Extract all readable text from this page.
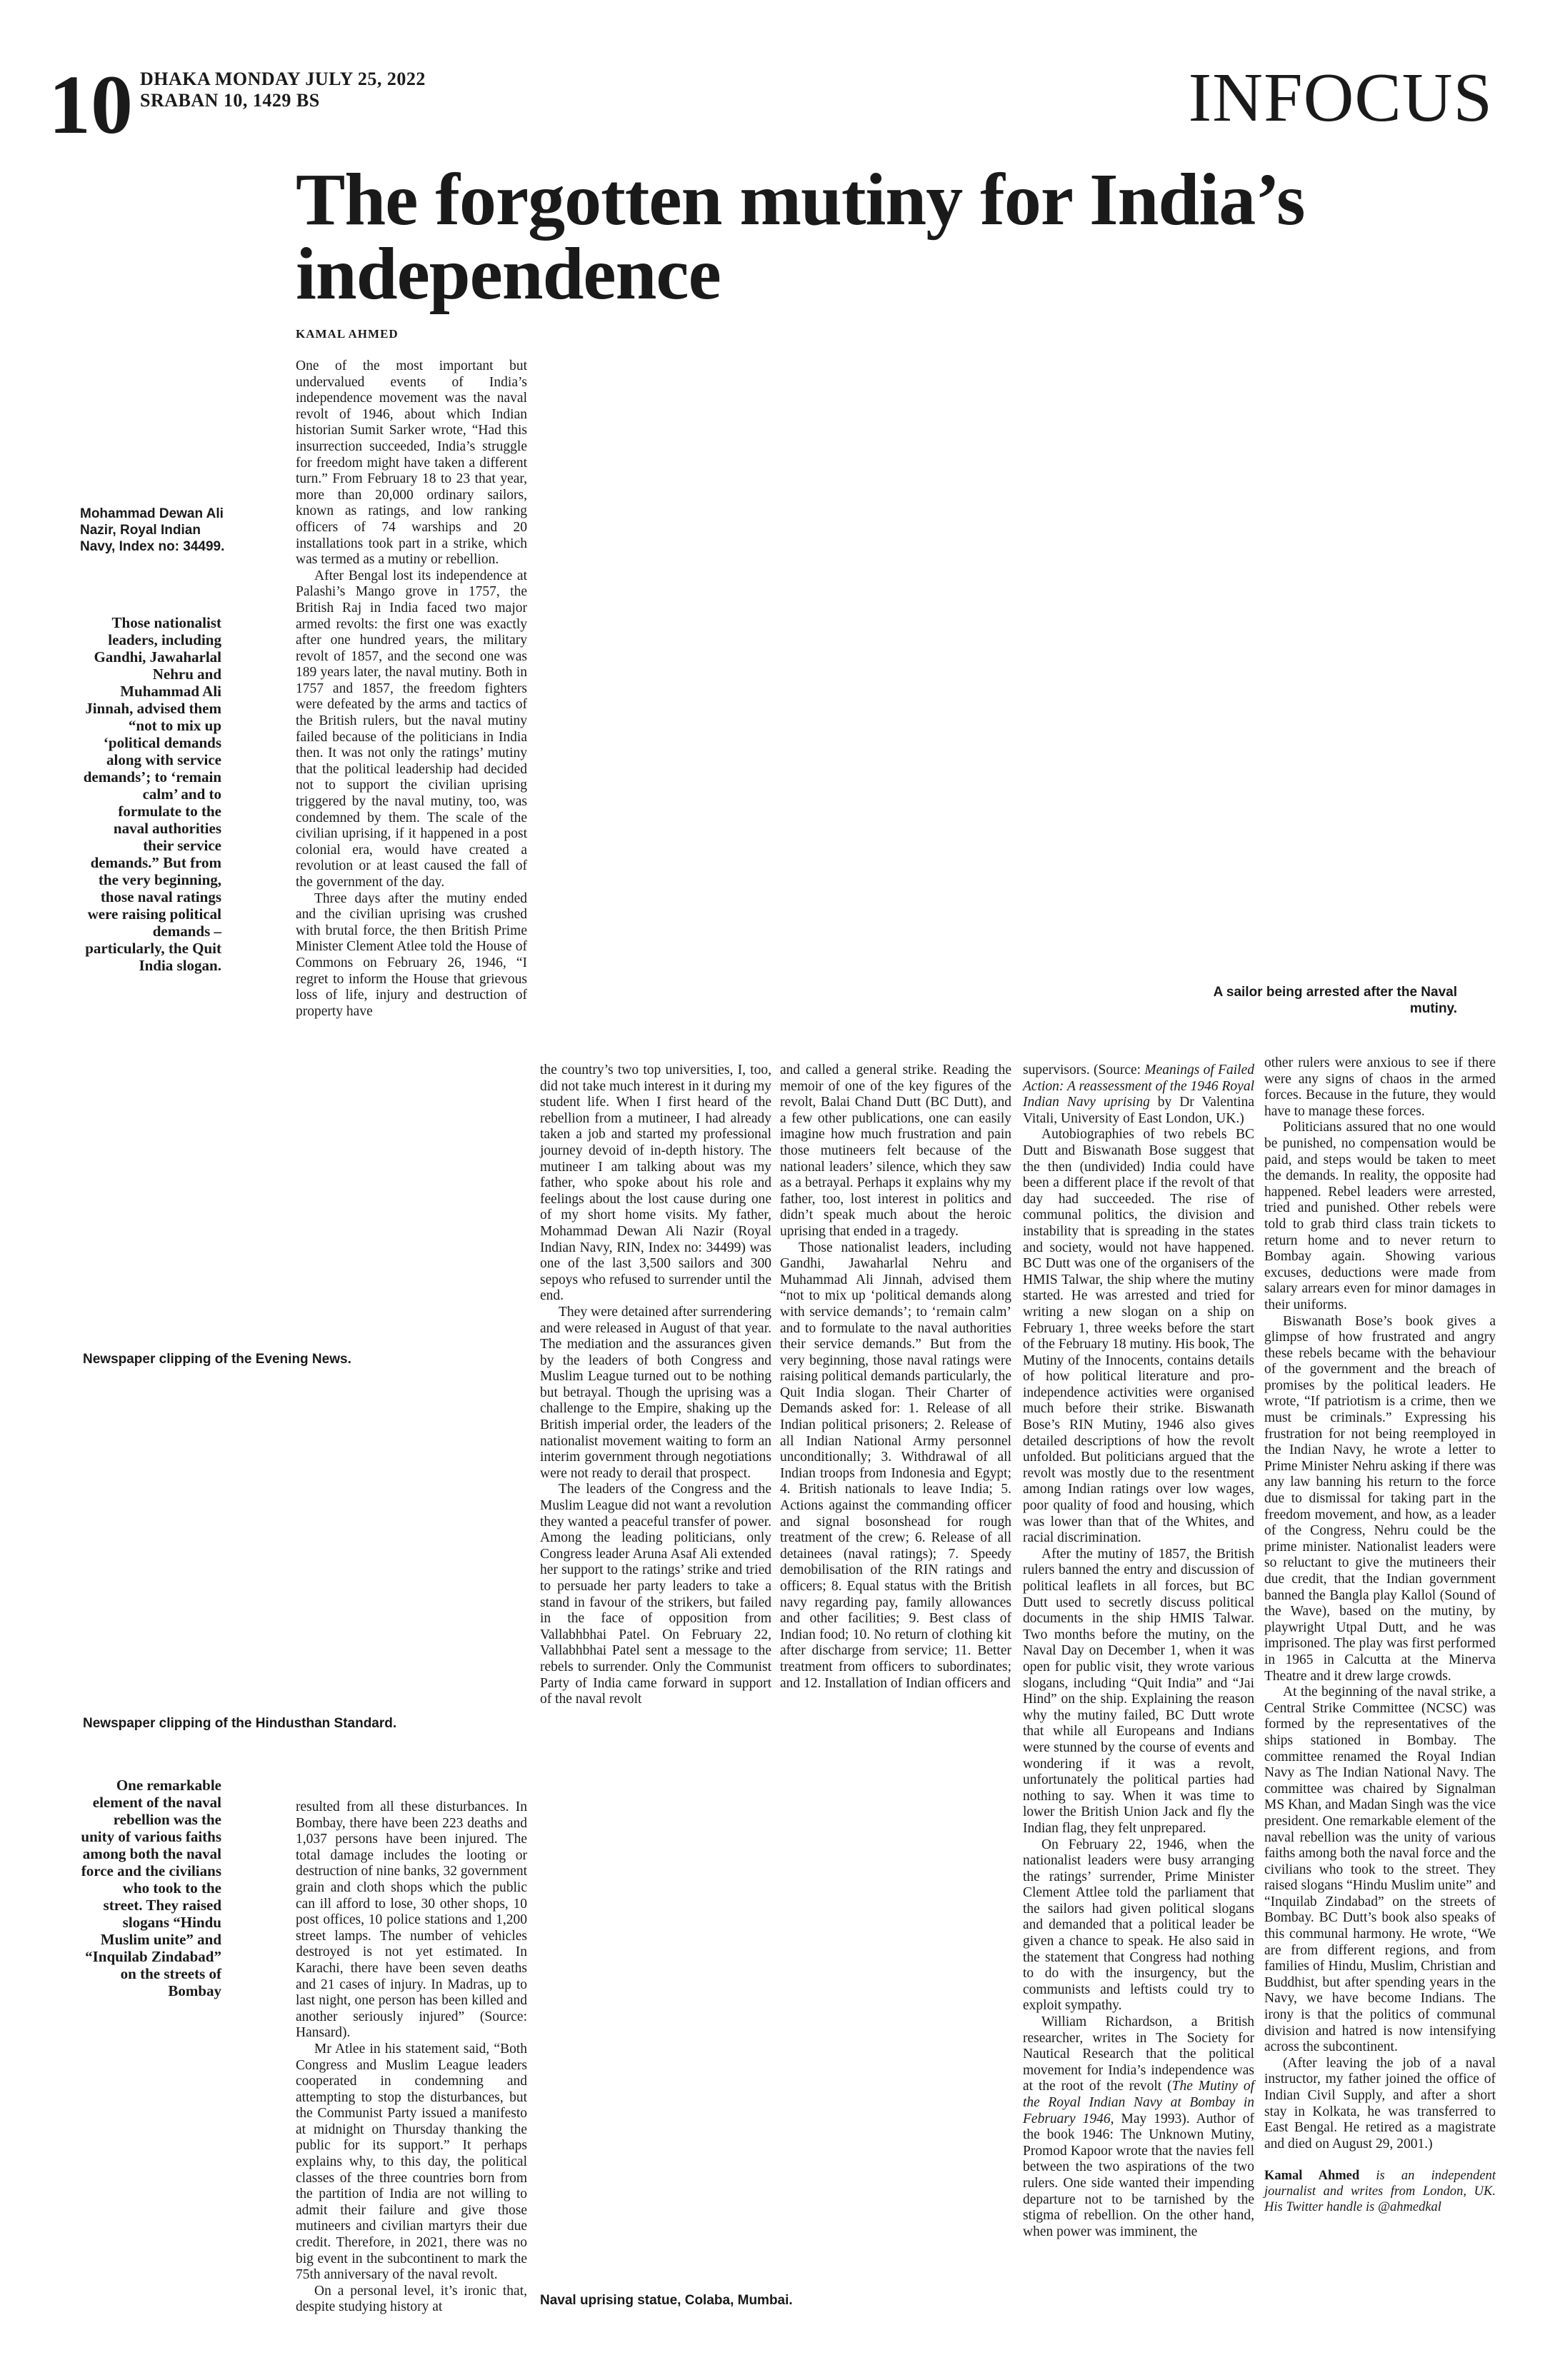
10 DHAKA MONDAY JULY 25, 2022
SRABAN 10, 1429 BS	INFOCUS
The forgotten mutiny for India’s independence
KAMAL AHMED
Mohammad Dewan Ali Nazir, Royal Indian Navy, Index no: 34499.
Those nationalist leaders, including Gandhi, Jawaharlal Nehru and Muhammad Ali Jinnah, advised them “not to mix up ‘political demands along with service demands’; to ‘remain calm’ and to formulate to the naval authorities their service demands.” But from the very beginning, those naval ratings were raising political demands – particularly, the Quit India slogan.
Newspaper clipping of the Evening News.
Newspaper clipping of the Hindusthan Standard.
One remarkable element of the naval rebellion was the unity of various faiths among both the naval force and the civilians who took to the street. They raised slogans “Hindu Muslim unite” and “Inquilab Zindabad” on the streets of Bombay
A sailor being arrested after the Naval mutiny.
Naval uprising statue, Colaba, Mumbai.

One of the most important but undervalued events of India’s independence movement was the naval revolt of 1946, about which Indian historian Sumit Sarker wrote, “Had this insurrection succeeded, India’s struggle for freedom might have taken a different turn.” From February 18 to 23 that year, more than 20,000 ordinary sailors, known as ratings, and low ranking officers of 74 warships and 20 installations took part in a strike, which was termed as a mutiny or rebellion.

After Bengal lost its independence at Palashi’s Mango grove in 1757, the British Raj in India faced two major armed revolts: the first one was exactly after one hundred years, the military revolt of 1857, and the second one was 189 years later, the naval mutiny. Both in 1757 and 1857, the freedom fighters were defeated by the arms and tactics of the British rulers, but the naval mutiny failed because of the politicians in India then. It was not only the ratings’ mutiny that the political leadership had decided not to support the civilian uprising triggered by the naval mutiny, too, was condemned by them. The scale of the civilian uprising, if it happened in a post colonial era, would have created a revolution or at least caused the fall of the government of the day.

Three days after the mutiny ended and the civilian uprising was crushed with brutal force, the then British Prime Minister Clement Atlee told the House of Commons on February 26, 1946, “I regret to inform the House that grievous loss of life, injury and destruction of property have

resulted from all these disturbances. In Bombay, there have been 223 deaths and 1,037 persons have been injured. The total damage includes the looting or destruction of nine banks, 32 government grain and cloth shops which the public can ill afford to lose, 30 other shops, 10 post offices, 10 police stations and 1,200 street lamps. The number of vehicles destroyed is not yet estimated. In Karachi, there have been seven deaths and 21 cases of injury. In Madras, up to last night, one person has been killed and another seriously injured” (Source: Hansard).

Mr Atlee in his statement said, “Both Congress and Muslim League leaders cooperated in condemning and attempting to stop the disturbances, but the Communist Party issued a manifesto at midnight on Thursday thanking the public for its support.” It perhaps explains why, to this day, the political classes of the three countries born from the partition of India are not willing to admit their failure and give those mutineers and civilian martyrs their due credit. Therefore, in 2021, there was no big event in the subcontinent to mark the 75th anniversary of the naval revolt.

On a personal level, it’s ironic that, despite studying history at

the country’s two top universities, I, too, did not take much interest in it during my student life. When I first heard of the rebellion from a mutineer, I had already taken a job and started my professional journey devoid of in-depth history. The mutineer I am talking about was my father, who spoke about his role and feelings about the lost cause during one of my short home visits. My father, Mohammad Dewan Ali Nazir (Royal Indian Navy, RIN, Index no: 34499) was one of the last 3,500 sailors and 300 sepoys who refused to surrender until the end.

They were detained after surrendering and were released in August of that year. The mediation and the assurances given by the leaders of both Congress and Muslim League turned out to be nothing but betrayal. Though the uprising was a challenge to the Empire, shaking up the British imperial order, the leaders of the nationalist movement waiting to form an interim government through negotiations were not ready to derail that prospect.

The leaders of the Congress and the Muslim League did not want a revolution they wanted a peaceful transfer of power. Among the leading politicians, only Congress leader Aruna Asaf Ali extended her support to the ratings’ strike and tried to persuade her party leaders to take a stand in favour of the strikers, but failed in the face of opposition from Vallabhbhai Patel. On February 22, Vallabhbhai Patel sent a message to the rebels to surrender. Only the Communist Party of India came forward in support of the naval revolt

and called a general strike. Reading the memoir of one of the key figures of the revolt, Balai Chand Dutt (BC Dutt), and a few other publications, one can easily imagine how much frustration and pain those mutineers felt because of the national leaders’ silence, which they saw as a betrayal. Perhaps it explains why my father, too, lost interest in politics and didn’t speak much about the heroic uprising that ended in a tragedy.

Those nationalist leaders, including Gandhi, Jawaharlal Nehru and Muhammad Ali Jinnah, advised them “not to mix up ‘political demands along with service demands’; to ‘remain calm’ and to formulate to the naval authorities their service demands.” But from the very beginning, those naval ratings were raising political demands particularly, the Quit India slogan. Their Charter of Demands asked for: 1. Release of all Indian political prisoners; 2. Release of all Indian National Army personnel unconditionally; 3. Withdrawal of all Indian troops from Indonesia and Egypt; 4. British nationals to leave India; 5. Actions against the commanding officer and signal bosonshead for rough treatment of the crew; 6. Release of all detainees (naval ratings); 7. Speedy demobilisation of the RIN ratings and officers; 8. Equal status with the British navy regarding pay, family allowances and other facilities; 9. Best class of Indian food; 10. No return of clothing kit after discharge from service; 11. Better treatment from officers to subordinates; and 12. Installation of Indian officers and

supervisors. (Source: Meanings of Failed Action: A reassessment of the 1946 Royal Indian Navy uprising by Dr Valentina Vitali, University of East London, UK.)

Autobiographies of two rebels BC Dutt and Biswanath Bose suggest that the then (undivided) India could have been a different place if the revolt of that day had succeeded. The rise of communal politics, the division and instability that is spreading in the states and society, would not have happened. BC Dutt was one of the organisers of the HMIS Talwar, the ship where the mutiny started. He was arrested and tried for writing a new slogan on a ship on February 1, three weeks before the start of the February 18 mutiny. His book, The Mutiny of the Innocents, contains details of how political literature and pro-independence activities were organised much before their strike. Biswanath Bose’s RIN Mutiny, 1946 also gives detailed descriptions of how the revolt unfolded. But politicians argued that the revolt was mostly due to the resentment among Indian ratings over low wages, poor quality of food and housing, which was lower than that of the Whites, and racial discrimination.

After the mutiny of 1857, the British rulers banned the entry and discussion of political leaflets in all forces, but BC Dutt used to secretly discuss political documents in the ship HMIS Talwar. Two months before the mutiny, on the Naval Day on December 1, when it was open for public visit, they wrote various slogans, including “Quit India” and “Jai Hind” on the ship. Explaining the reason why the mutiny failed, BC Dutt wrote that while all Europeans and Indians were stunned by the course of events and wondering if it was a revolt, unfortunately the political parties had nothing to say. When it was time to lower the British Union Jack and fly the Indian flag, they felt unprepared.

On February 22, 1946, when the nationalist leaders were busy arranging the ratings’ surrender, Prime Minister Clement Attlee told the parliament that the sailors had given political slogans and demanded that a political leader be given a chance to speak. He also said in the statement that Congress had nothing to do with the insurgency, but the communists and leftists could try to exploit sympathy.

William Richardson, a British researcher, writes in The Society for Nautical Research that the political movement for India’s independence was at the root of the revolt (The Mutiny of the Royal Indian Navy at Bombay in February 1946, May 1993). Author of the book 1946: The Unknown Mutiny, Promod Kapoor wrote that the navies fell between the two aspirations of the two rulers. One side wanted their impending departure not to be tarnished by the stigma of rebellion. On the other hand, when power was imminent, the

other rulers were anxious to see if there were any signs of chaos in the armed forces. Because in the future, they would have to manage these forces.

Politicians assured that no one would be punished, no compensation would be paid, and steps would be taken to meet the demands. In reality, the opposite had happened. Rebel leaders were arrested, tried and punished. Other rebels were told to grab third class train tickets to return home and to never return to Bombay again. Showing various excuses, deductions were made from salary arrears even for minor damages in their uniforms.

Biswanath Bose’s book gives a glimpse of how frustrated and angry these rebels became with the behaviour of the government and the breach of promises by the political leaders. He wrote, “If patriotism is a crime, then we must be criminals.” Expressing his frustration for not being reemployed in the Indian Navy, he wrote a letter to Prime Minister Nehru asking if there was any law banning his return to the force due to dismissal for taking part in the freedom movement, and how, as a leader of the Congress, Nehru could be the prime minister. Nationalist leaders were so reluctant to give the mutineers their due credit, that the Indian government banned the Bangla play Kallol (Sound of the Wave), based on the mutiny, by playwright Utpal Dutt, and he was imprisoned. The play was first performed in 1965 in Calcutta at the Minerva Theatre and it drew large crowds.

At the beginning of the naval strike, a Central Strike Committee (NCSC) was formed by the representatives of the ships stationed in Bombay. The committee renamed the Royal Indian Navy as The Indian National Navy. The committee was chaired by Signalman MS Khan, and Madan Singh was the vice president. One remarkable element of the naval rebellion was the unity of various faiths among both the naval force and the civilians who took to the street. They raised slogans “Hindu Muslim unite” and “Inquilab Zindabad” on the streets of Bombay. BC Dutt’s book also speaks of this communal harmony. He wrote, “We are from different regions, and from families of Hindu, Muslim, Christian and Buddhist, but after spending years in the Navy, we have become Indians. The irony is that the politics of communal division and hatred is now intensifying across the subcontinent.

(After leaving the job of a naval instructor, my father joined the office of Indian Civil Supply, and after a short stay in Kolkata, he was transferred to East Bengal. He retired as a magistrate and died on August 29, 2001.)

Kamal Ahmed is an independent journalist and writes from London, UK. His Twitter handle is @ahmedkal
